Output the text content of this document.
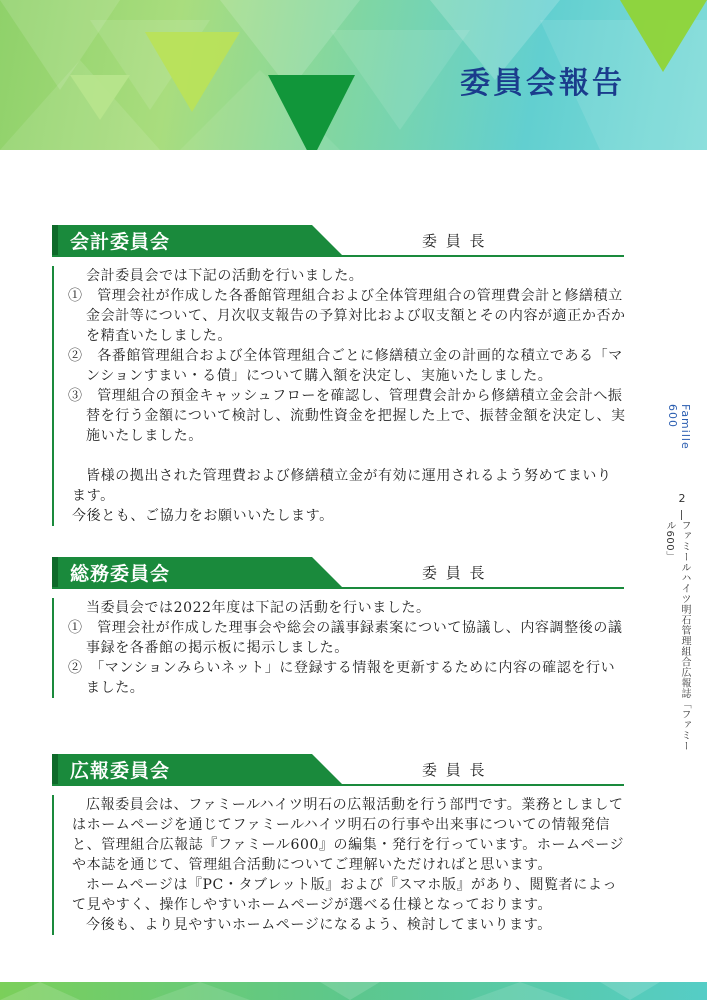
委員会報告
会計委員会	委 員 長

会計委員会では下記の活動を行いました。

①　管理会社が作成した各番館管理組合および全体管理組合の管理費会計と修繕積立金会計等について、月次収支報告の予算対比および収支額とその内容が適正か否かを精査いたしました。

②　各番館管理組合および全体管理組合ごとに修繕積立金の計画的な積立である「マンションすまい・る債」について購入額を決定し、実施いたしました。

③　管理組合の預金キャッシュフローを確認し、管理費会計から修繕積立金会計へ振替を行う金額について検討し、流動性資金を把握した上で、振替金額を決定し、実施いたしました。

皆様の拠出された管理費および修繕積立金が有効に運用されるよう努めてまいります。

今後とも、ご協力をお願いいたします。

総務委員会	委 員 長

当委員会では2022年度は下記の活動を行いました。

①　管理会社が作成した理事会や総会の議事録素案について協議し、内容調整後の議事録を各番館の掲示板に掲示しました。

②　「マンションみらいネット」に登録する情報を更新するために内容の確認を行いました。

広報委員会	委 員 長

広報委員会は、ファミールハイツ明石の広報活動を行う部門です。業務としましてはホームページを通じてファミールハイツ明石の行事や出来事についての情報発信と、管理組合広報誌『ファミール600』の編集・発行を行っています。ホームページや本誌を通じて、管理組合活動についてご理解いただければと思います。

ホームページは『PC・タブレット版』および『スマホ版』があり、閲覧者によって見やすく、操作しやすいホームページが選べる仕様となっております。

今後も、より見やすいホームページになるよう、検討してまいります。

Famille 600
2
ファミールハイツ明石管理組合広報誌「ファミール600」
